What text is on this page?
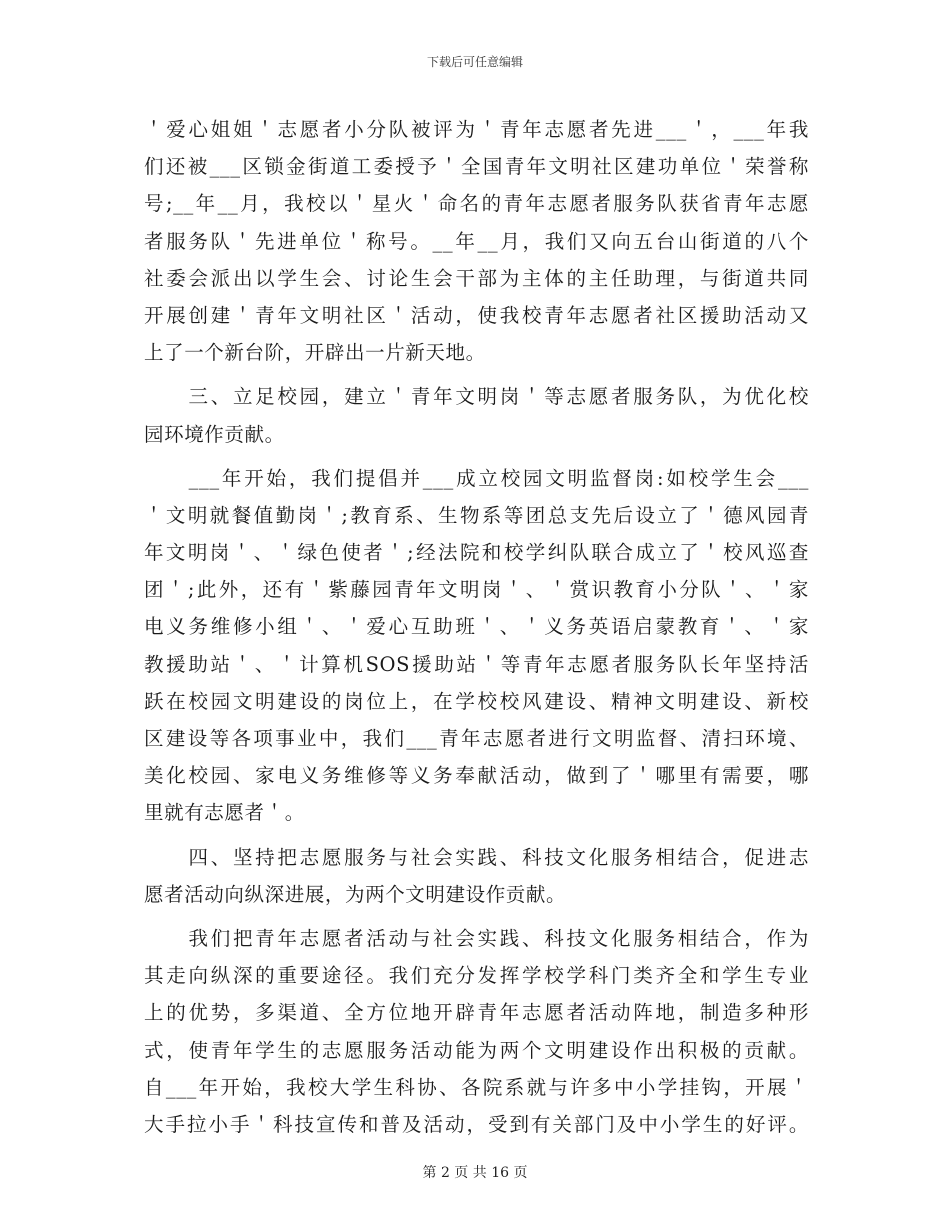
下载后可任意编辑
＇爱心姐姐＇志愿者小分队被评为＇青年志愿者先进___＇，___年我
们还被___区锁金街道工委授予＇全国青年文明社区建功单位＇荣誉称
号;__年__月，我校以＇星火＇命名的青年志愿者服务队获省青年志愿
者服务队＇先进单位＇称号。__年__月，我们又向五台山街道的八个
社委会派出以学生会、讨论生会干部为主体的主任助理，与街道共同
开展创建＇青年文明社区＇活动，使我校青年志愿者社区援助活动又
上了一个新台阶，开辟出一片新天地。
　　三、立足校园，建立＇青年文明岗＇等志愿者服务队，为优化校
园环境作贡献。
　　___年开始，我们提倡并___成立校园文明监督岗:如校学生会___
＇文明就餐值勤岗＇;教育系、生物系等团总支先后设立了＇德风园青
年文明岗＇、＇绿色使者＇;经法院和校学纠队联合成立了＇校风巡查
团＇;此外，还有＇紫藤园青年文明岗＇、＇赏识教育小分队＇、＇家
电义务维修小组＇、＇爱心互助班＇、＇义务英语启蒙教育＇、＇家
教援助站＇、＇计算机SOS援助站＇等青年志愿者服务队长年坚持活
跃在校园文明建设的岗位上，在学校校风建设、精神文明建设、新校
区建设等各项事业中，我们___青年志愿者进行文明监督、清扫环境、
美化校园、家电义务维修等义务奉献活动，做到了＇哪里有需要，哪
里就有志愿者＇。
　　四、坚持把志愿服务与社会实践、科技文化服务相结合，促进志
愿者活动向纵深进展，为两个文明建设作贡献。
　　我们把青年志愿者活动与社会实践、科技文化服务相结合，作为
其走向纵深的重要途径。我们充分发挥学校学科门类齐全和学生专业
上的优势，多渠道、全方位地开辟青年志愿者活动阵地，制造多种形
式，使青年学生的志愿服务活动能为两个文明建设作出积极的贡献。
自___年开始，我校大学生科协、各院系就与许多中小学挂钩，开展＇
大手拉小手＇科技宣传和普及活动，受到有关部门及中小学生的好评。
第 2 页 共 16 页
